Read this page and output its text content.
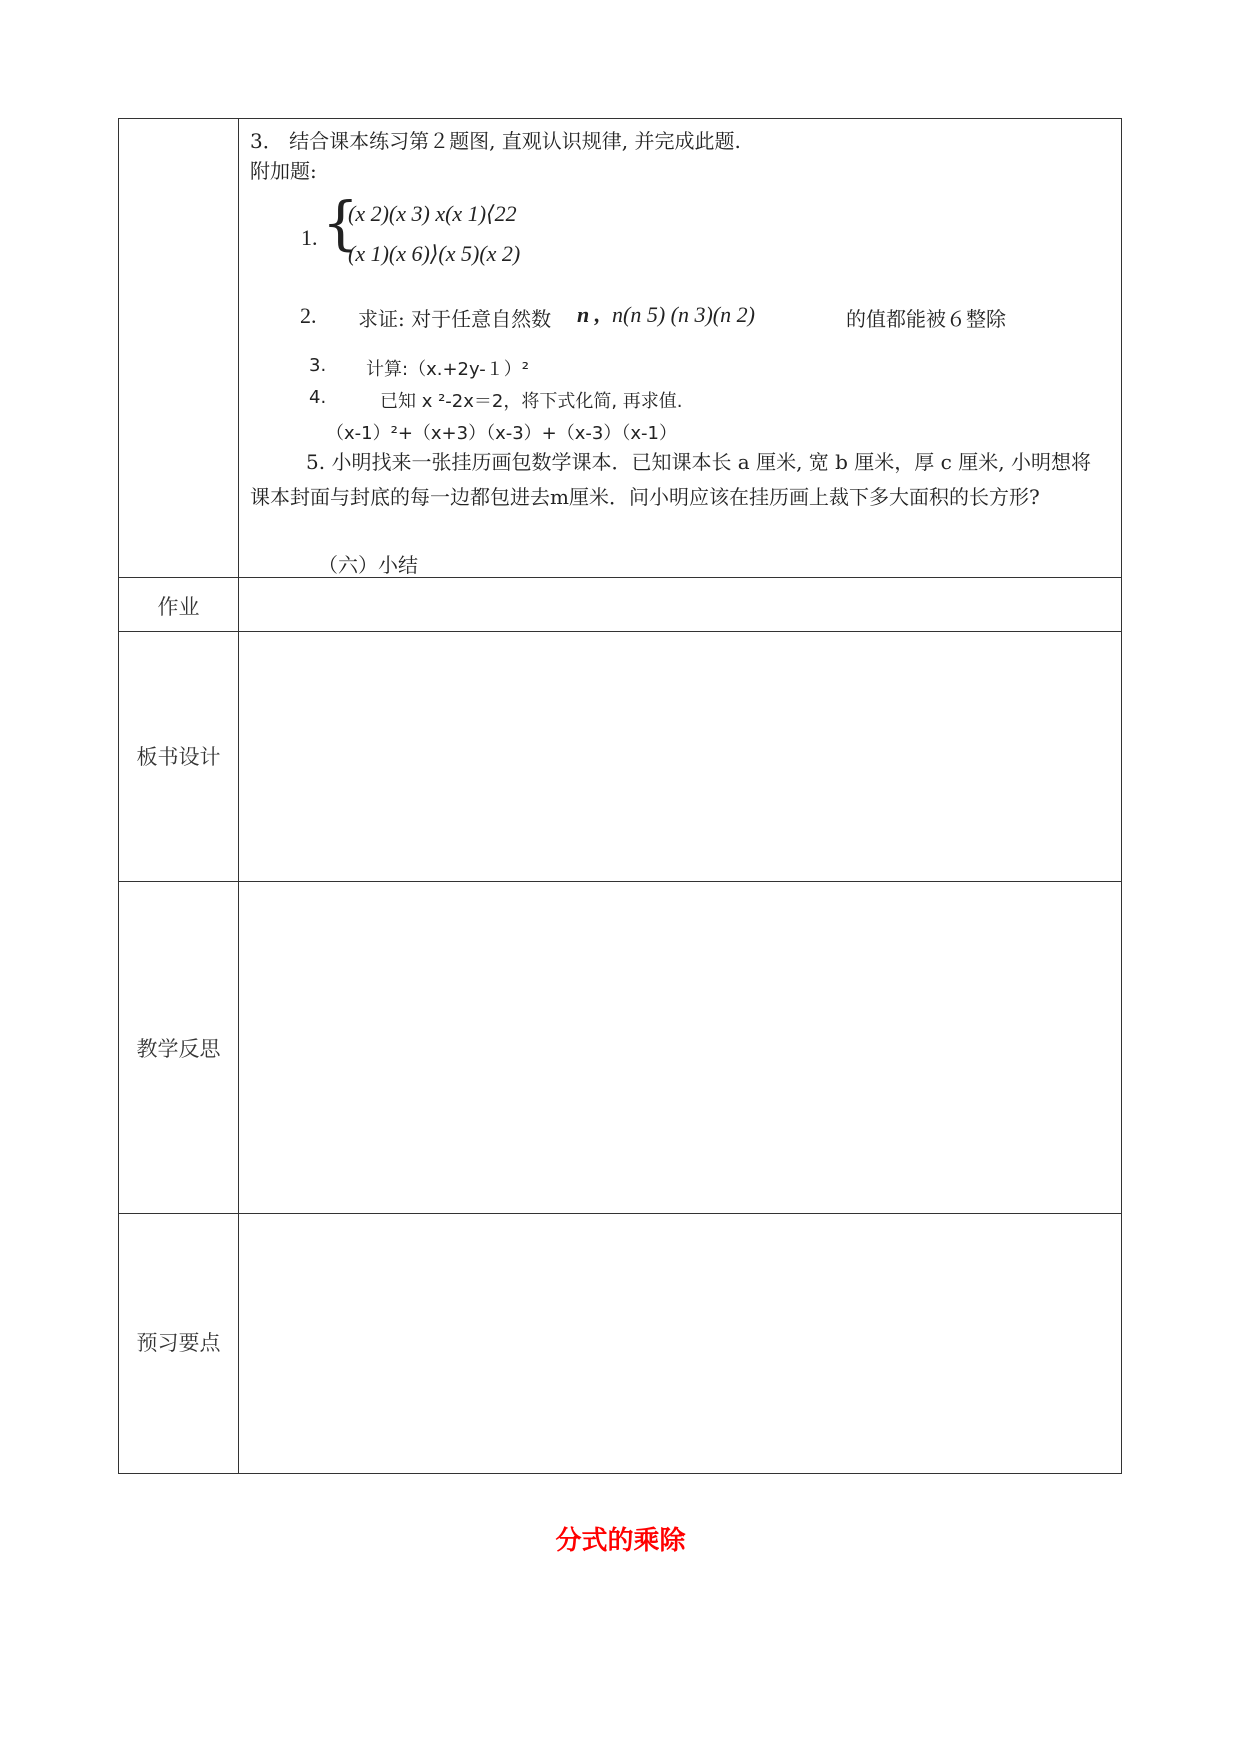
3． 结合课本练习第２题图, 直观认识规律, 并完成此题.
附加题:
1. {
(x 2)(x 3) x(x 1)⟨22
(x 1)(x 6)⟩(x 5)(x 2)
2. 求证: 对于任意自然数 n , n(n 5) (n 3)(n 2)	的值都能被６整除
3. 计算:（x.+2y-１）²
4.	已知 x ²-2x＝2，将下式化简, 再求值.
（x-1）²+（x+3）（x-3）+（x-3）（x-1）
5. 小明找来一张挂历画包数学课本．已知课本长 a 厘米, 宽 b 厘米，厚 c 厘米, 小明想将课本封面与封底的每一边都包进去m厘米．问小明应该在挂历画上裁下多大面积的长方形?
（六）小结
作业
板书设计
教学反思
预习要点
分式的乘除
